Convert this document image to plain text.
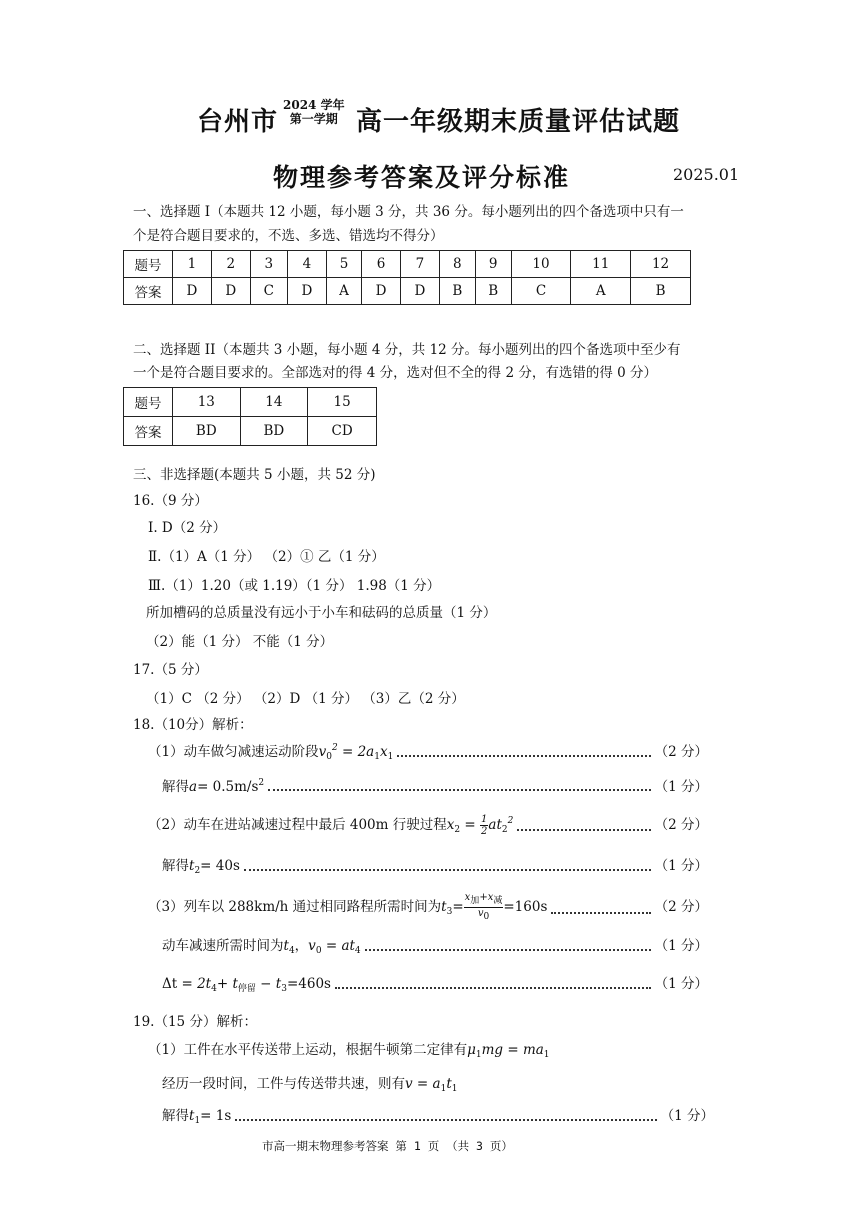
台州市
2024 学年
第一学期 高一年级期末质量评估试题
物理参考答案及评分标准	2025.01
一、选择题 I（本题共 12 小题，每小题 3 分，共 36 分。每小题列出的四个备选项中只有一
个是符合题目要求的，不选、多选、错选均不得分）
题号	1	2	3	4	5	6	7	8	9	10	11	12
答案	D	D	C	D	A	D	D	B	B	C	A	B
二、选择题 II（本题共 3 小题，每小题 4 分，共 12 分。每小题列出的四个备选项中至少有
一个是符合题目要求的。全部选对的得 4 分，选对但不全的得 2 分，有选错的得 0 分）
题号	13	14	15
答案	BD	BD	CD
三、非选择题(本题共 5 小题，共 52 分)
16.（9 分）
Ⅰ. D（2 分）
Ⅱ.（1）A（1 分） （2）① 乙（1 分）
Ⅲ.（1）1.20（或 1.19）（1 分） 1.98（1 分）
所加槽码的总质量没有远小于小车和砝码的总质量（1 分）
（2）能（1 分） 不能（1 分）
17.（5 分）
（1）C （2 分） （2）D （1 分） （3）乙（2 分）
18.（10分）解析：
（1）动车做匀减速运动阶段 $v_0^2 = 2a_1x_1$	（2 分）
解得 $a = 0.5m/s^2$	（1 分）
（2）动车在进站减速过程中最后 400m 行驶过程 $x_2 = \frac{1}{2} at_2^2$	（2 分）
解得 $t_2 = 40s$	（1 分）
（3）列车以 288km/h 通过相同路程所需时间为 $t_3= \frac{\text{x加+x减}}{v0} =160s$	（2 分）
动车减速所需时间为 $t_4$，$v_0 = at_4$	（1 分）
$\Delta t = 2t_4+ t_{停留} - t_3=460s$	（1 分）
19.（15 分）解析：
（1）工件在水平传送带上运动，根据牛顿第二定律有$\mu_1mg = ma_1$
经历一段时间，工件与传送带共速，则有$v = a_1t_1$
解得 $t_1 = 1s$	（1 分）
市高一期末物理参考答案 第 1 页 （共 3 页）
